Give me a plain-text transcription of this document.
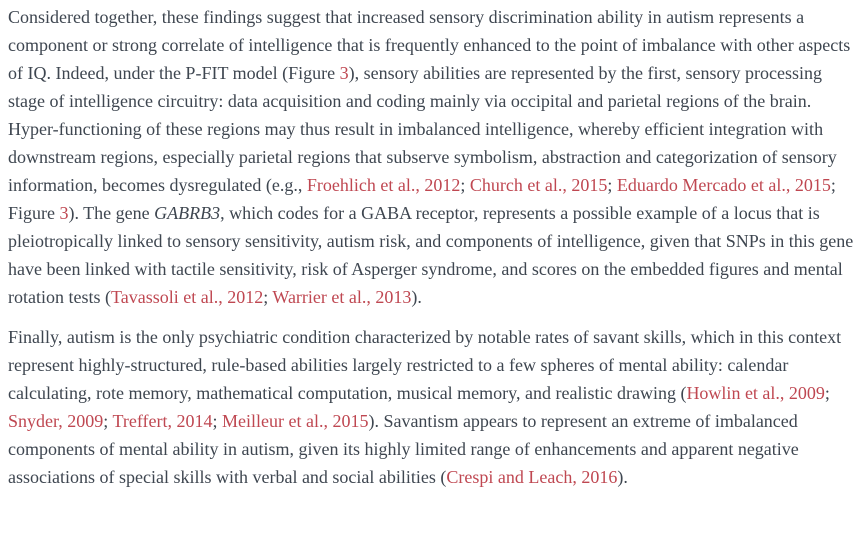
Considered together, these findings suggest that increased sensory discrimination ability in autism represents a component or strong correlate of intelligence that is frequently enhanced to the point of imbalance with other aspects of IQ. Indeed, under the P-FIT model (Figure 3), sensory abilities are represented by the first, sensory processing stage of intelligence circuitry: data acquisition and coding mainly via occipital and parietal regions of the brain. Hyper-functioning of these regions may thus result in imbalanced intelligence, whereby efficient integration with downstream regions, especially parietal regions that subserve symbolism, abstraction and categorization of sensory information, becomes dysregulated (e.g., Froehlich et al., 2012; Church et al., 2015; Eduardo Mercado et al., 2015; Figure 3). The gene GABRB3, which codes for a GABA receptor, represents a possible example of a locus that is pleiotropically linked to sensory sensitivity, autism risk, and components of intelligence, given that SNPs in this gene have been linked with tactile sensitivity, risk of Asperger syndrome, and scores on the embedded figures and mental rotation tests (Tavassoli et al., 2012; Warrier et al., 2013).

Finally, autism is the only psychiatric condition characterized by notable rates of savant skills, which in this context represent highly-structured, rule-based abilities largely restricted to a few spheres of mental ability: calendar calculating, rote memory, mathematical computation, musical memory, and realistic drawing (Howlin et al., 2009; Snyder, 2009; Treffert, 2014; Meilleur et al., 2015). Savantism appears to represent an extreme of imbalanced components of mental ability in autism, given its highly limited range of enhancements and apparent negative associations of special skills with verbal and social abilities (Crespi and Leach, 2016).
